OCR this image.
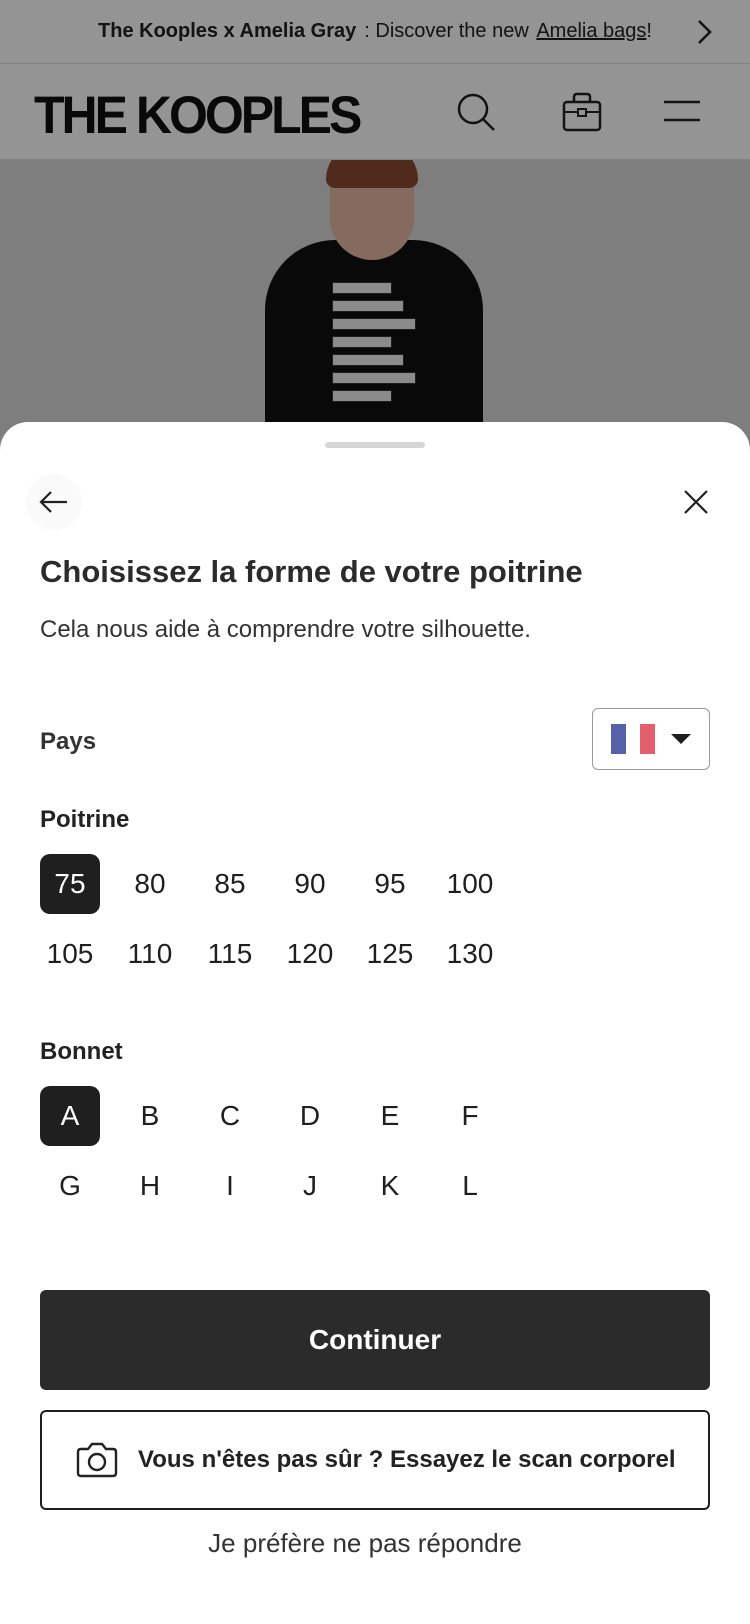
The Kooples x Amelia Gray : Discover the new
Amelia bags !
THE KOOPLES
Choisissez la forme de votre poitrine
Cela nous aide à comprendre votre silhouette.
Pays
Poitrine
75	80	85	90	95	100
105 110 115 120 125 130
Bonnet
A	B	C	D	E	F
G	H	I	J	K	L
Continuer
Vous n'êtes pas sûr ? Essayez le scan corporel
Je préfère ne pas répondre
